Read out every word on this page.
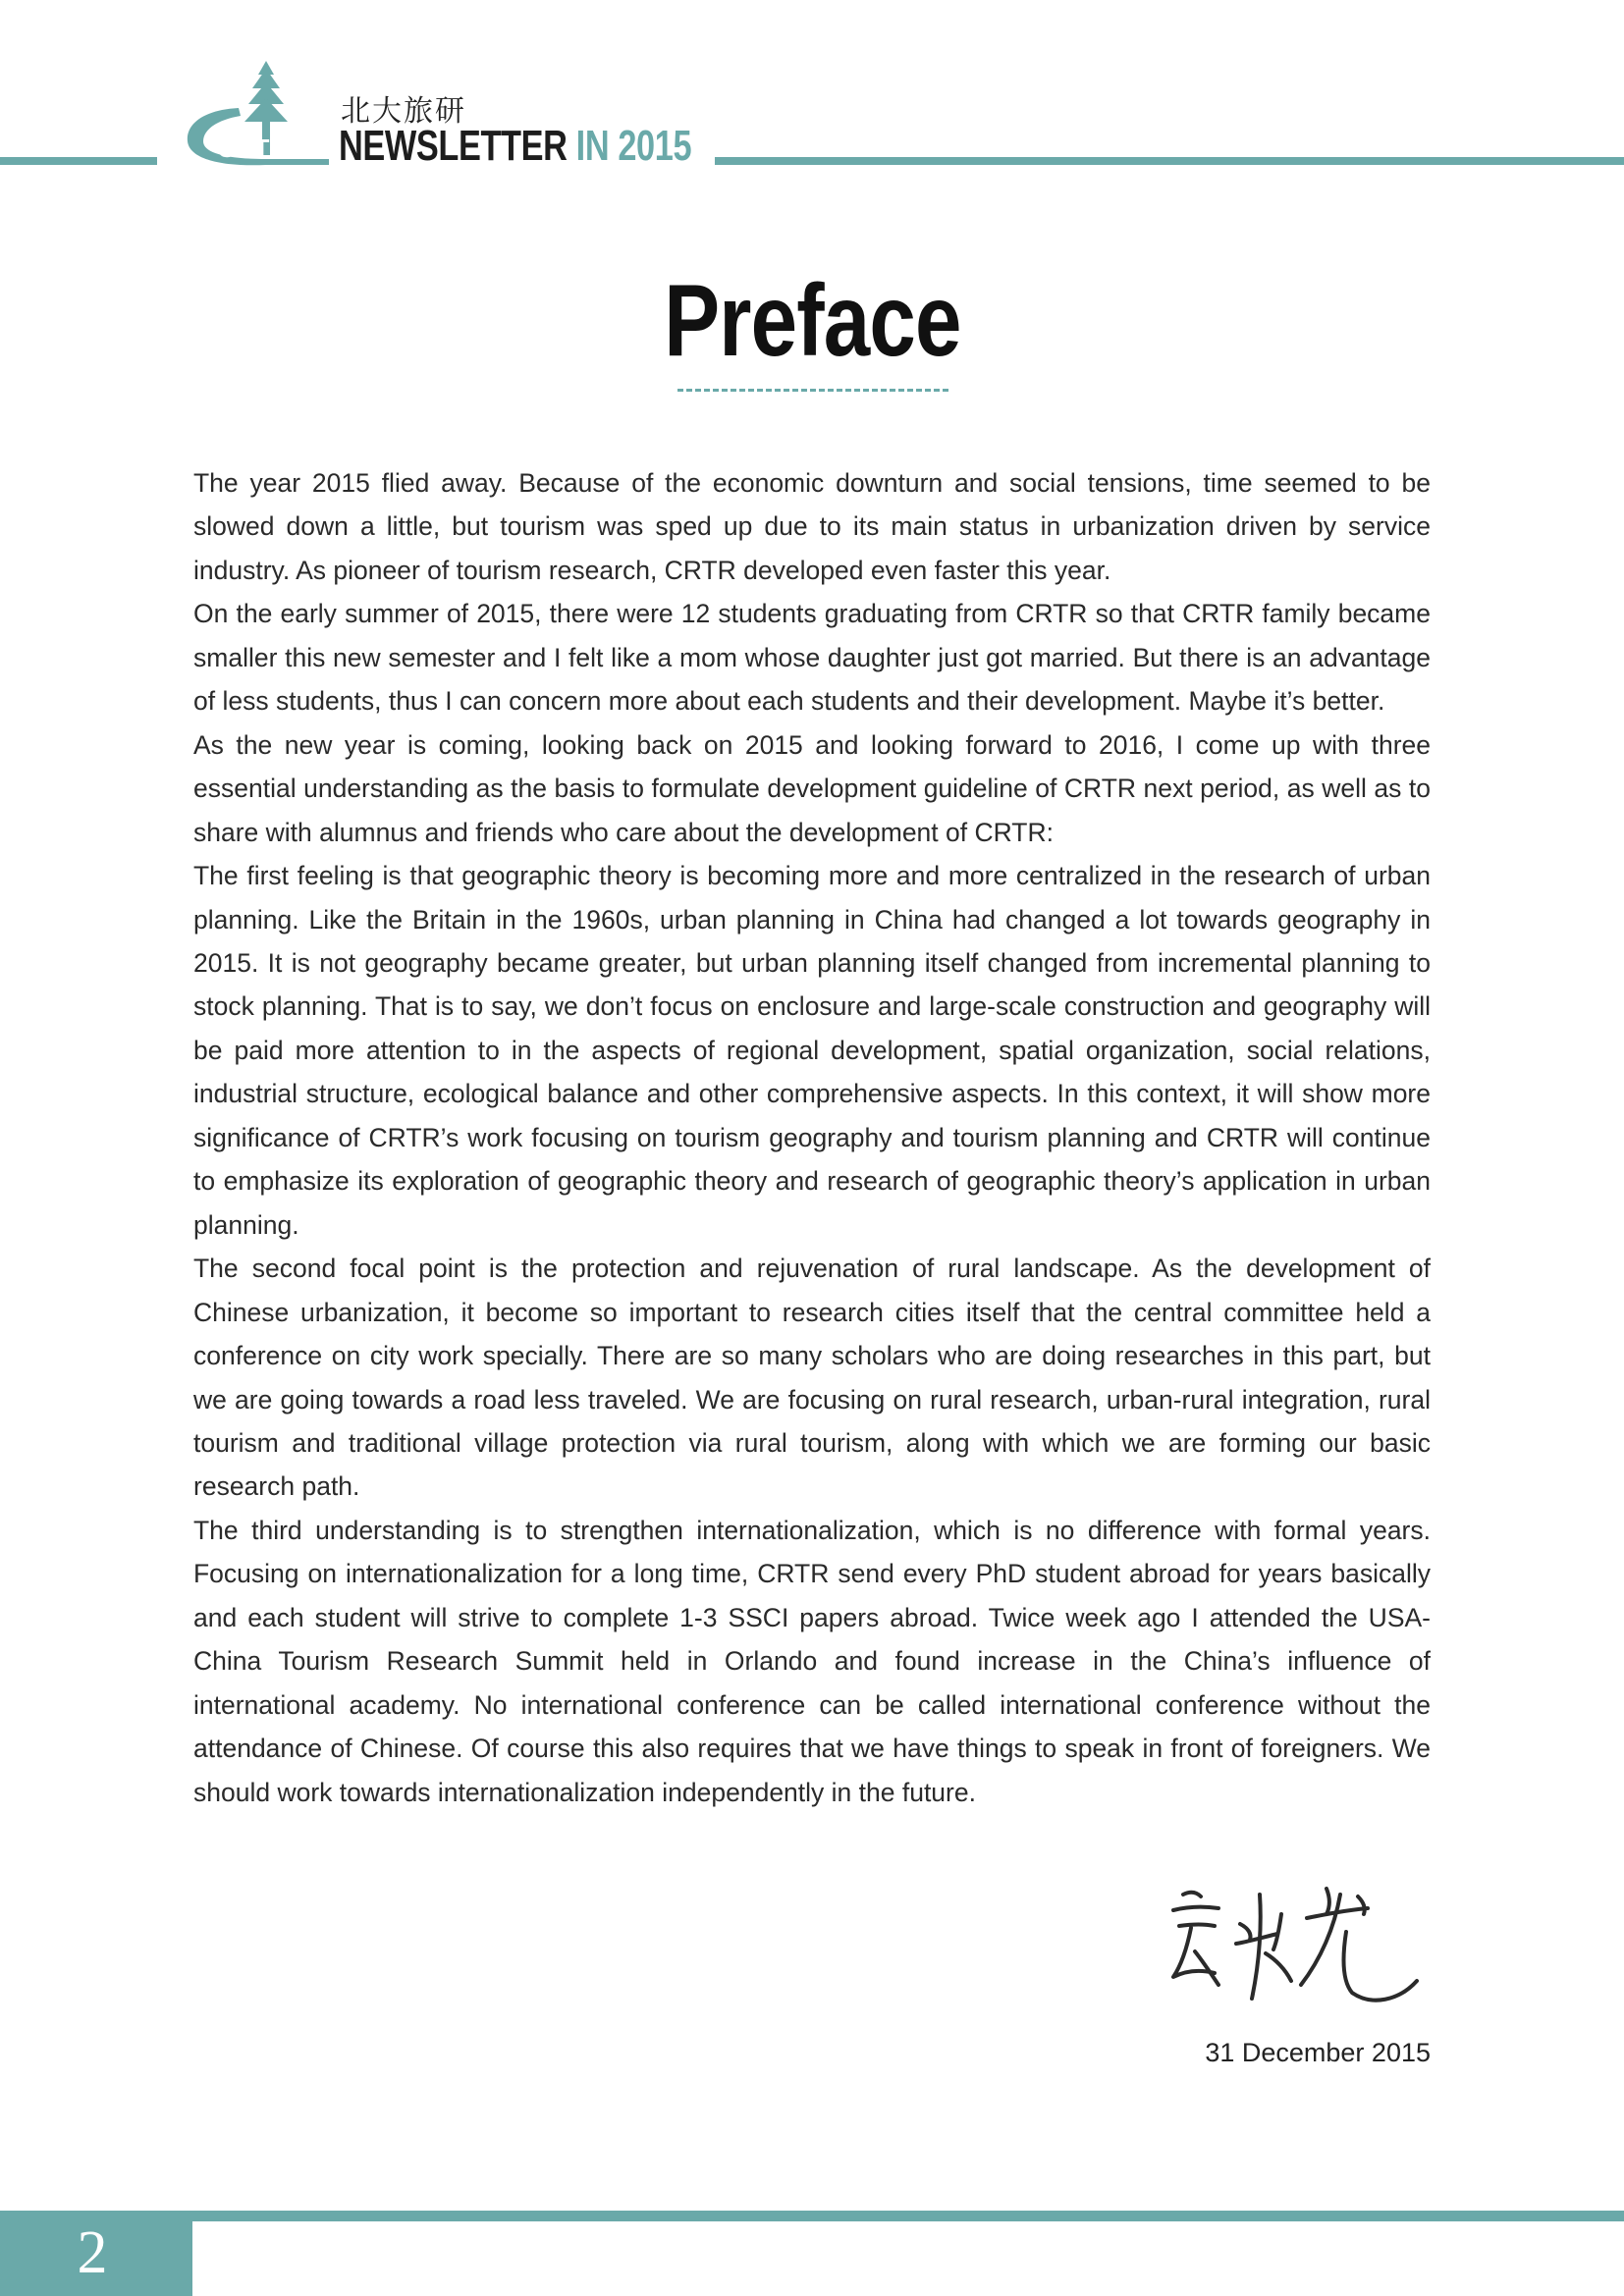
CRTR
北大旅研
NEWSLETTER IN 2015
Preface

The year 2015 flied away. Because of the economic downturn and social tensions, time seemed to be slowed down a little, but tourism was sped up due to its main status in urbanization driven by service industry. As pioneer of tourism research, CRTR developed even faster this year.

On the early summer of 2015, there were 12 students graduating from CRTR so that CRTR family became smaller this new semester and I felt like a mom whose daughter just got married. But there is an advantage of less students, thus I can concern more about each students and their development. Maybe it’s better.

As the new year is coming, looking back on 2015 and looking forward to 2016, I come up with three essential understanding as the basis to formulate development guideline of CRTR next period, as well as to share with alumnus and friends who care about the development of CRTR:

The first feeling is that geographic theory is becoming more and more centralized in the research of urban planning. Like the Britain in the 1960s, urban planning in China had changed a lot towards geography in 2015. It is not geography became greater, but urban planning itself changed from incremental planning to stock planning. That is to say, we don’t focus on enclosure and large-scale construction and geography will be paid more attention to in the aspects of regional development, spatial organization, social relations, industrial structure, ecological balance and other comprehensive aspects. In this context, it will show more significance of CRTR’s work focusing on tourism geography and tourism planning and CRTR will continue to emphasize its exploration of geographic theory and research of geographic theory’s application in urban planning.

The second focal point is the protection and rejuvenation of rural landscape. As the development of Chinese urbanization, it become so important to research cities itself that the central committee held a conference on city work specially. There are so many scholars who are doing researches in this part, but we are going towards a road less traveled. We are focusing on rural research, urban-rural integration, rural tourism and traditional village protection via rural tourism, along with which we are forming our basic research path.

The third understanding is to strengthen internationalization, which is no difference with formal years. Focusing on internationalization for a long time, CRTR send every PhD student abroad for years basically and each student will strive to complete 1-3 SSCI papers abroad. Twice week ago I attended the USA-China Tourism Research Summit held in Orlando and found increase in the China’s influence of international academy. No international conference can be called international conference without the attendance of Chinese. Of course this also requires that we have things to speak in front of foreigners. We should work towards internationalization independently in the future.

31 December 2015
2
